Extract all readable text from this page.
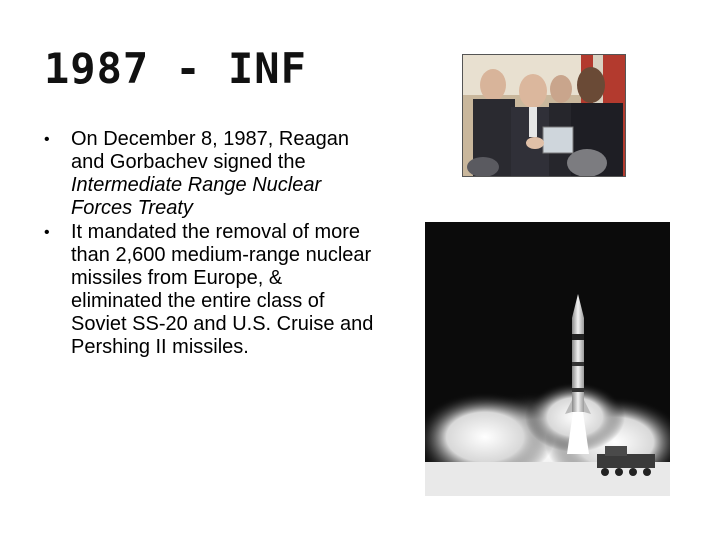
1987 - INF
• On December 8, 1987, Reagan and Gorbachev signed the Intermediate Range Nuclear Forces Treaty
• It mandated the removal of more than 2,600 medium-range nuclear missiles from Europe, & eliminated the entire class of Soviet SS-20 and U.S. Cruise and Pershing II missiles.
